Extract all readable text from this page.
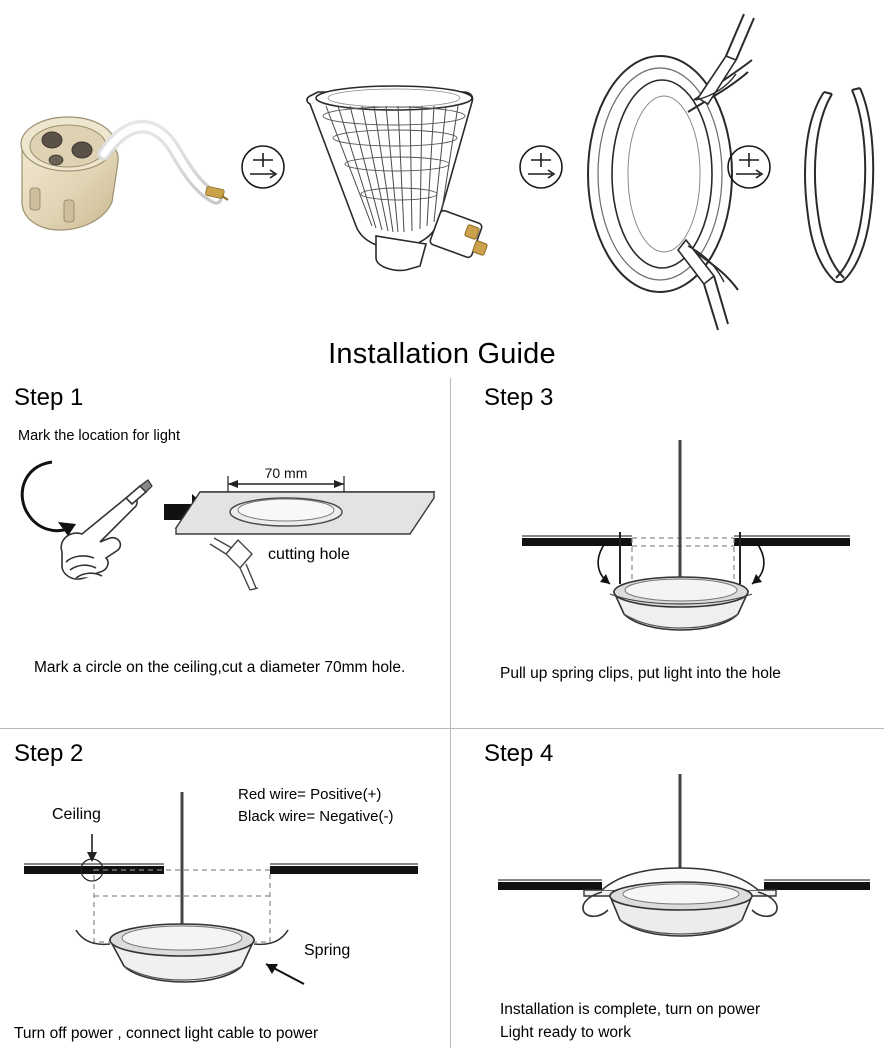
Installation Guide
Step 1
Mark the location for light
70 mm
cutting hole
Mark a circle on the ceiling,cut a diameter 70mm hole.
Step 2
Red wire= Positive(+)
Black wire= Negative(-)
Ceiling
Spring
Turn off power , connect light cable to power
Step 3
Pull up spring clips, put light into the hole
Step 4
Installation is complete, turn on power
Light ready to work
